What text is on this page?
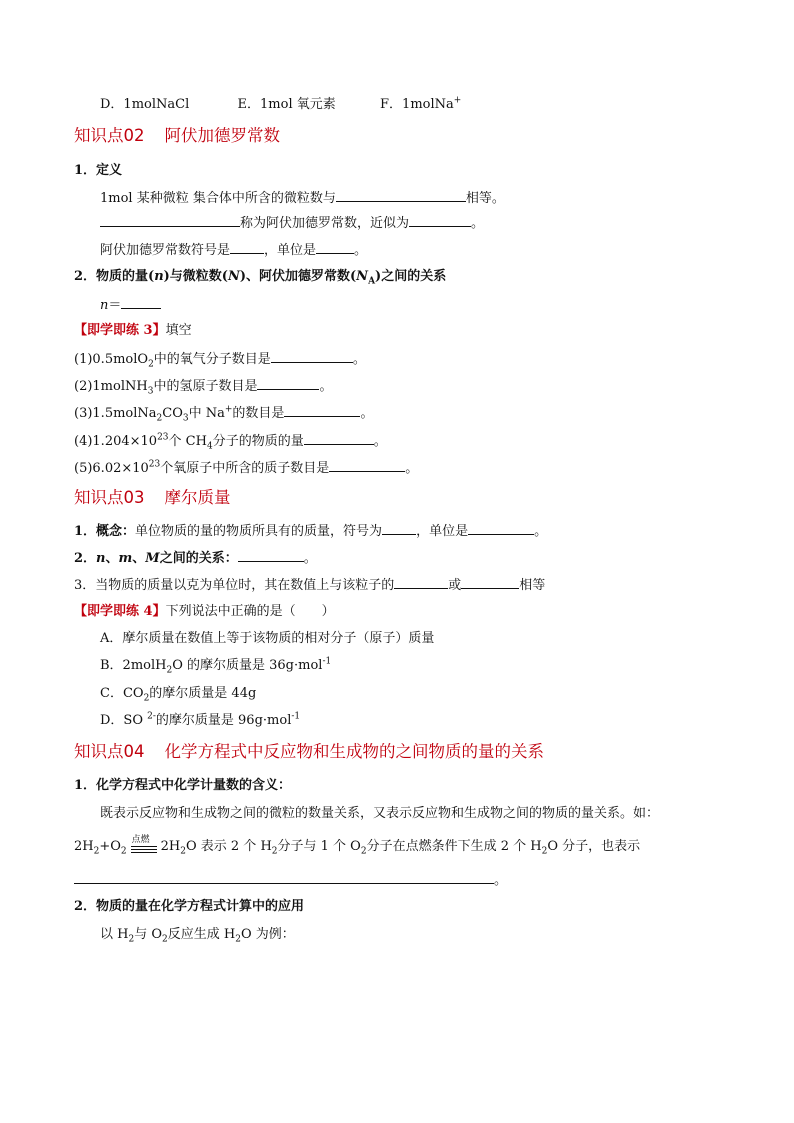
D．1molNaCl	E．1mol 氧元素	F．1molNa+
知识点02 阿伏加德罗常数
1．定义
1mol 某种微粒 集合体中所含的微粒数与	相等。
称为阿伏加德罗常数，近似为	。
阿伏加德罗常数符号是	，单位是	。
2．物质的量(n)与微粒数(N)、阿伏加德罗常数$(N_A)$之间的关系
n＝
【即学即练 3】填空
(1)0.5molO$_2$中的氧气分子数目是	。
(2)1molNH$_3$中的氢原子数目是	。
$(3)1.5molNa_2CO_3$中 Na+的数目是	。
$(4)1.204\times 10^{23}$个 $CH_4$分子的物质的量	。
$(5)6.02\times 10^{23}$个氧原子中所含的质子数目是	。
知识点03 摩尔质量
1．概念：单位物质的量的物质所具有的质量，符号为	，单位是	。
2．n、m、M之间的关系：	。
3．当物质的质量以克为单位时，其在数值上与该粒子的	或	相等
【即学即练 4】下列说法中正确的是（　　）
A．摩尔质量在数值上等于该物质的相对分子（原子）质量
B．2molH$_2$O 的摩尔质量是 36g·mol$^{-1}$
C．$CO_2$的摩尔质量是 44g
D．SO $^{2-}$的摩尔质量是 96g·mol$^{-1}$
知识点04 化学方程式中反应物和生成物的之间物质的量的关系
1．化学方程式中化学计量数的含义：
既表示反应物和生成物之间的微粒的数量关系，又表示反应物和生成物之间的物质的量关系。如：
$2H_2+O_2$
点燃 $2H_2O$ 表示 2 个 $H_2$分子与 1 个 $O_2$分子在点燃条件下生成 2 个 $H_2O$ 分子，也表示
。
2．物质的量在化学方程式计算中的应用
以 $H_2$与 $O_2$反应生成 $H_2O$ 为例：
